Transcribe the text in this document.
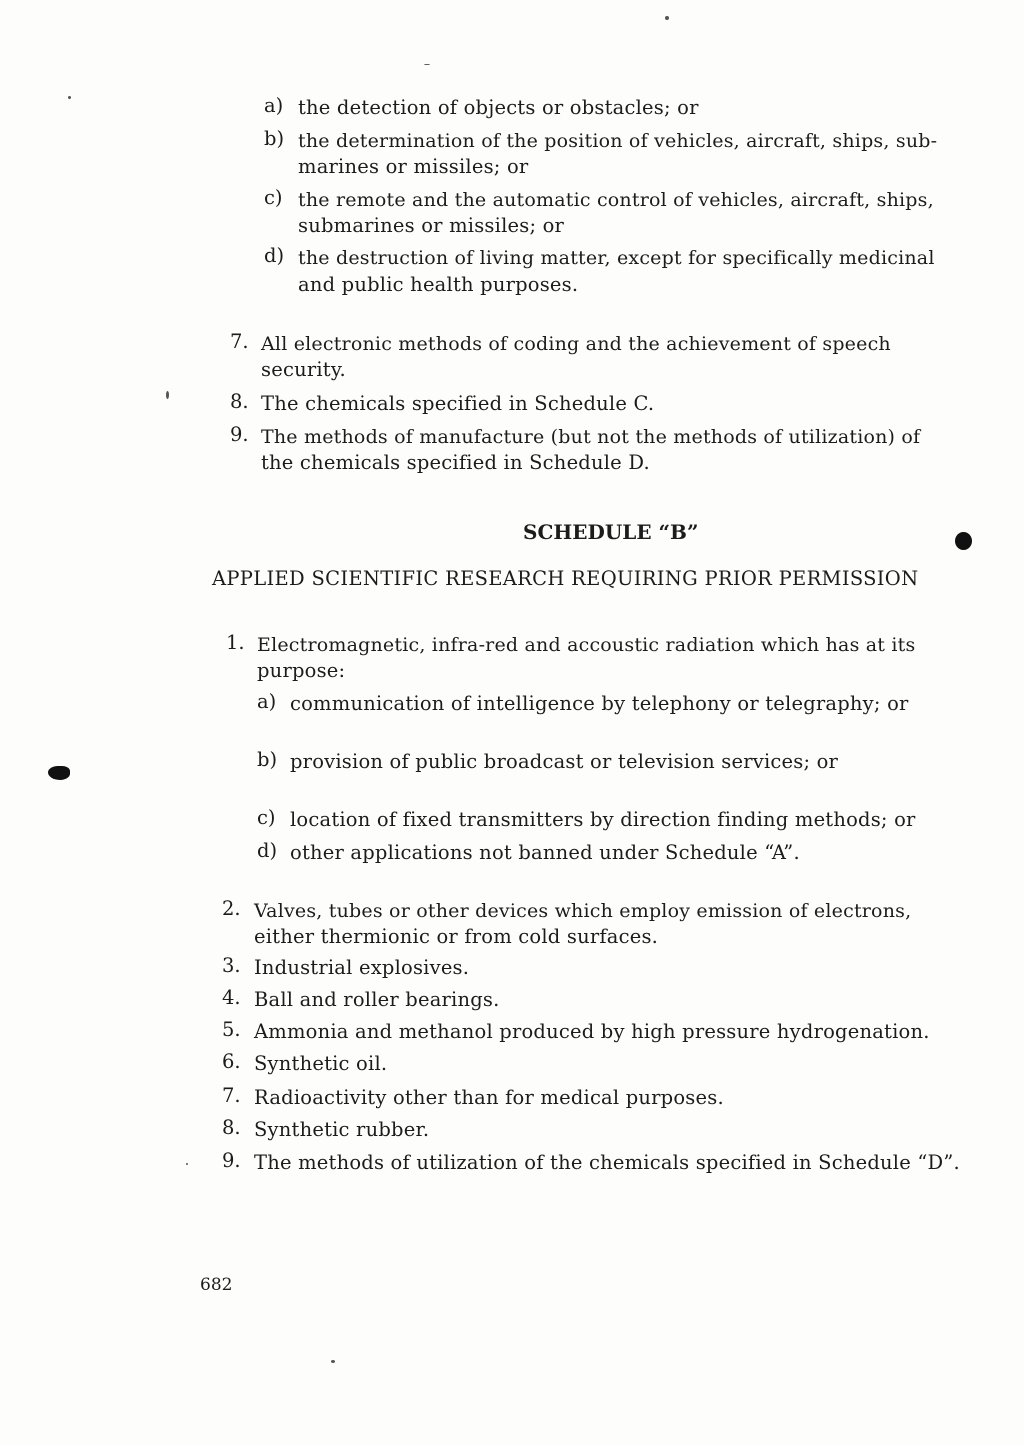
a) the detection of objects or obstacles; or
b) the determination of the position of vehicles, aircraft, ships, sub-
marines or missiles; or
c) the remote and the automatic control of vehicles, aircraft, ships,
submarines or missiles; or
d) the destruction of living matter, except for specifically medicinal
and public health purposes.
7. All electronic methods of coding and the achievement of speech
security.
8. The chemicals specified in Schedule C.
9. The methods of manufacture (but not the methods of utilization) of
the chemicals specified in Schedule D.
SCHEDULE “B”
APPLIED SCIENTIFIC RESEARCH REQUIRING PRIOR PERMISSION
1. Electromagnetic, infra-red and accoustic radiation which has at its
purpose:
a) communication of intelligence by telephony or telegraphy; or
b) provision of public broadcast or television services; or
c) location of fixed transmitters by direction finding methods; or
d) other applications not banned under Schedule “A”.
2. Valves, tubes or other devices which employ emission of electrons,
either thermionic or from cold surfaces.
3. Industrial explosives.
4. Ball and roller bearings.
5. Ammonia and methanol produced by high pressure hydrogenation.
6. Synthetic oil.
7. Radioactivity other than for medical purposes.
8. Synthetic rubber.
9. The methods of utilization of the chemicals specified in Schedule “D”.
682
